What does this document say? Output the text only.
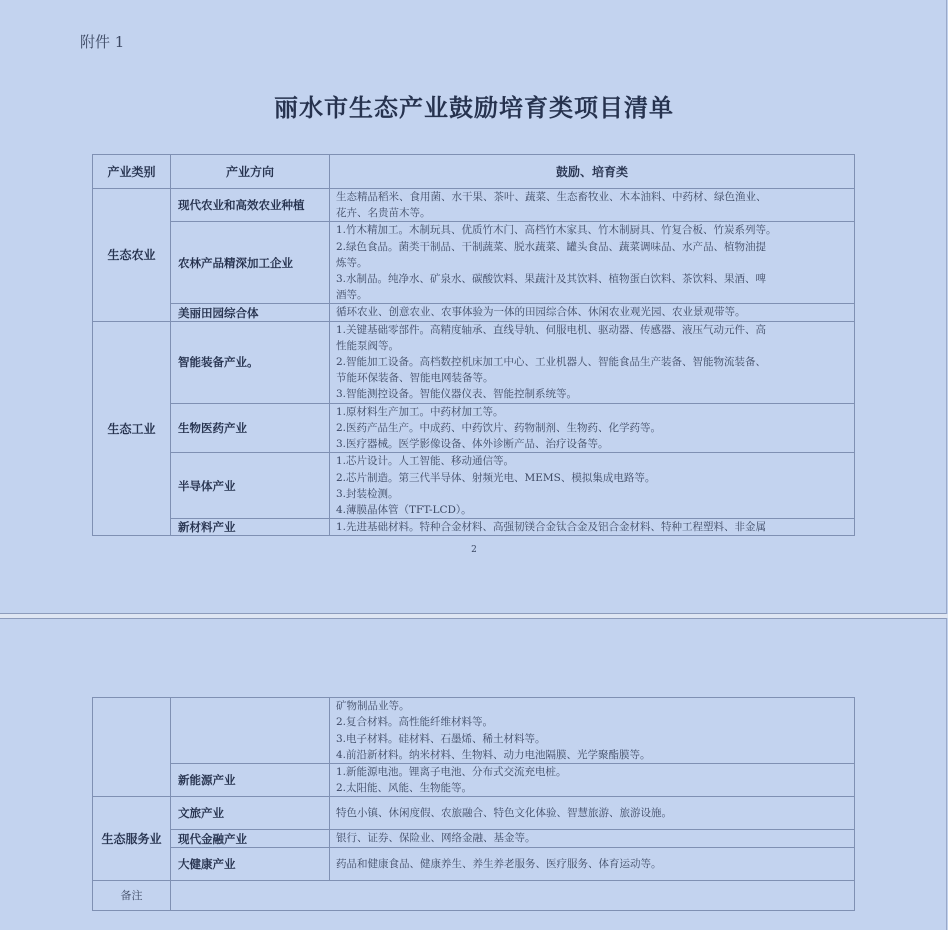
附件 1
丽水市生态产业鼓励培育类项目清单
产业类别	产业方向	鼓励、培育类
生态农业	现代农业和高效农业种植	生态精品稻米、食用菌、水干果、茶叶、蔬菜、生态畜牧业、木本油料、中药材、绿色渔业、
花卉、名贵苗木等。

	农林产品精深加工企业	1.竹木精加工。木制玩具、优质竹木门、高档竹木家具、竹木制厨具、竹复合板、竹炭系列等。
2.绿色食品。菌类干制品、干制蔬菜、脱水蔬菜、罐头食品、蔬菜调味品、水产品、植物油提
炼等。
3.水制品。纯净水、矿泉水、碳酸饮料、果蔬汁及其饮料、植物蛋白饮料、茶饮料、果酒、啤
酒等。

	美丽田园综合体	循环农业、创意农业、农事体验为一体的田园综合体、休闲农业观光园、农业景观带等。

生态工业	智能装备产业。	1.关键基础零部件。高精度轴承、直线导轨、伺服电机、驱动器、传感器、液压气动元件、高
性能泵阀等。
2.智能加工设备。高档数控机床加工中心、工业机器人、智能食品生产装备、智能物流装备、
节能环保装备、智能电网装备等。
3.智能测控设备。智能仪器仪表、智能控制系统等。

	生物医药产业	1.原材料生产加工。中药材加工等。
2.医药产品生产。中成药、中药饮片、药物制剂、生物药、化学药等。
3.医疗器械。医学影像设备、体外诊断产品、治疗设备等。

	半导体产业	1.芯片设计。人工智能、移动通信等。
2.芯片制造。第三代半导体、射频光电、MEMS、模拟集成电路等。
3.封装检测。
4.薄膜晶体管（TFT-LCD）。

	新材料产业	1.先进基础材料。特种合金材料、高强韧镁合金钛合金及铝合金材料、特种工程塑料、非金属
2

		矿物制品业等。
2.复合材料。高性能纤维材料等。
3.电子材料。硅材料、石墨烯、稀土材料等。
4.前沿新材料。纳米材料、生物料、动力电池隔膜、光学聚酯膜等。

	新能源产业	1.新能源电池。锂离子电池、分布式交流充电桩。
2.太阳能、风能、生物能等。

生态服务业	文旅产业	特色小镇、休闲度假、农旅融合、特色文化体验、智慧旅游、旅游设施。

	现代金融产业	银行、证券、保险业、网络金融、基金等。

	大健康产业	药品和健康食品、健康养生、养生养老服务、医疗服务、体育运动等。

备注		
